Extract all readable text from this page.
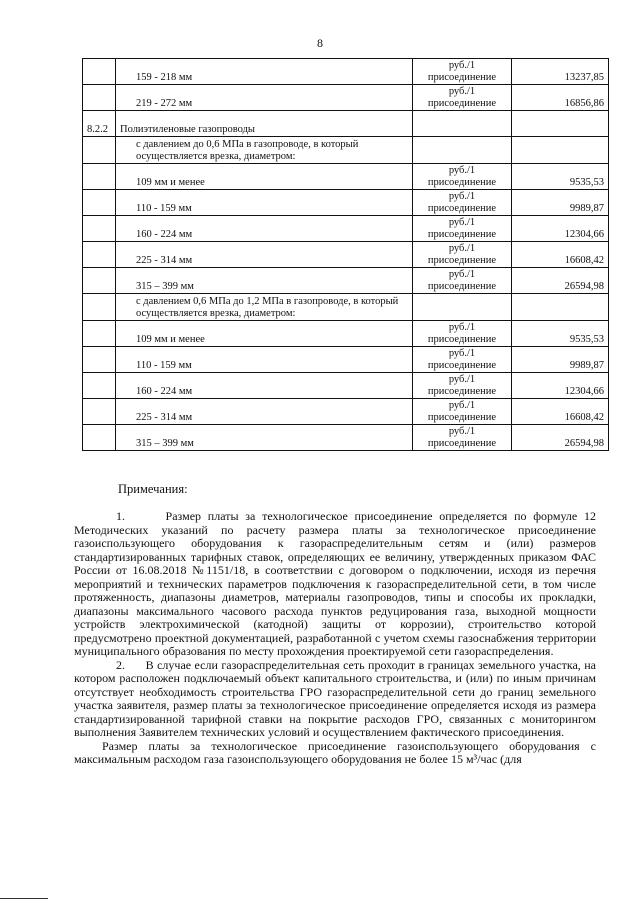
8
	159 - 218 мм	руб./1 присоединение	13237,85
	219 - 272 мм	руб./1 присоединение	16856,86
8.2.2	Полиэтиленовые газопроводы		
	с давлением до 0,6 МПа в газопроводе, в который осуществляется врезка, диаметром:		
	109 мм и менее	руб./1 присоединение	9535,53
	110 - 159 мм	руб./1 присоединение	9989,87
	160 - 224 мм	руб./1 присоединение	12304,66
	225 - 314 мм	руб./1 присоединение	16608,42
	315 – 399 мм	руб./1 присоединение	26594,98
	с давлением 0,6 МПа до 1,2 МПа в газопроводе, в который осуществляется врезка, диаметром:		
	109 мм и менее	руб./1 присоединение	9535,53
	110 - 159 мм	руб./1 присоединение	9989,87
	160 - 224 мм	руб./1 присоединение	12304,66
	225 - 314 мм	руб./1 присоединение	16608,42
	315 – 399 мм	руб./1 присоединение	26594,98
Примечания:

1.      Размер платы за технологическое присоединение определяется по формуле 12 Методических указаний по расчету размера платы за технологическое присоединение газоиспользующего оборудования к газораспределительным сетям и (или) размеров стандартизированных тарифных ставок, определяющих ее величину, утвержденных приказом ФАС России от 16.08.2018 №1151/18, в соответствии с договором о подключении, исходя из перечня мероприятий и технических параметров подключения к газораспределительной сети, в том числе протяженность, диапазоны диаметров, материалы газопроводов, типы и способы их прокладки, диапазоны максимального часового расхода пунктов редуцирования газа, выходной мощности устройств электрохимической (катодной) защиты от коррозии), строительство которой предусмотрено проектной документацией, разработанной с учетом схемы газоснабжения территории муниципального образования по месту прохождения проектируемой сети газораспределения.

2.      В случае если газораспределительная сеть проходит в границах земельного участка, на котором расположен подключаемый объект капитального строительства, и (или) по иным причинам отсутствует необходимость строительства ГРО газораспределительной сети до границ земельного участка заявителя, размер платы за технологическое присоединение определяется исходя из размера стандартизированной тарифной ставки на покрытие расходов ГРО, связанных с мониторингом выполнения Заявителем технических условий и осуществлением фактического присоединения.

Размер платы за технологическое присоединение газоиспользующего оборудования с максимальным расходом газа газоиспользующего оборудования не более 15 м³/час (для
